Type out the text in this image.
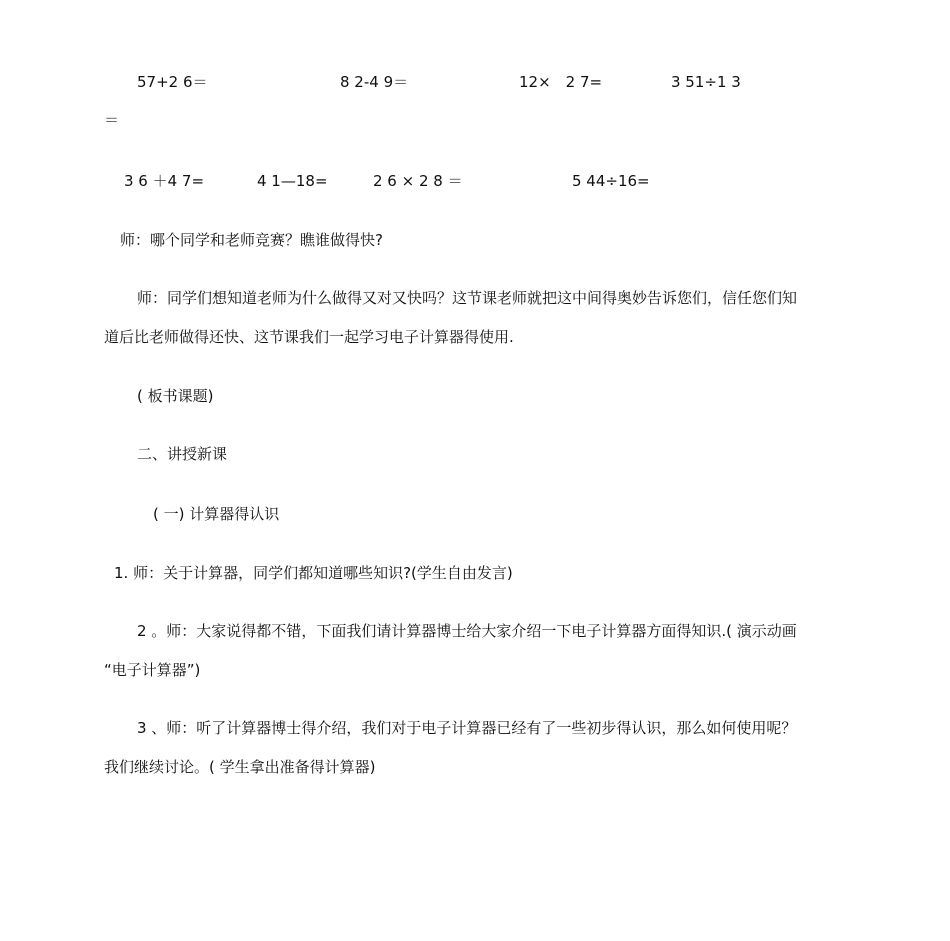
57+2 6＝	8 2-4 9＝	12×　2 7=	3 51÷1 3
＝
3 6 ＋4 7=	4 1—18=	2 6 × 2 8 ＝	5 44÷16=
师：哪个同学和老师竞赛？瞧谁做得快?
师：同学们想知道老师为什么做得又对又快吗？这节课老师就把这中间得奥妙告诉您们，信任您们知
道后比老师做得还快、这节课我们一起学习电子计算器得使用.
( 板书课题)
二、讲授新课
( 一) 计算器得认识
1. 师：关于计算器，同学们都知道哪些知识?(学生自由发言)
2 。师：大家说得都不错，下面我们请计算器博士给大家介绍一下电子计算器方面得知识.( 演示动画
“电子计算器”)
3 、师：听了计算器博士得介绍，我们对于电子计算器已经有了一些初步得认识，那么如何使用呢？
我们继续讨论。( 学生拿出准备得计算器)
